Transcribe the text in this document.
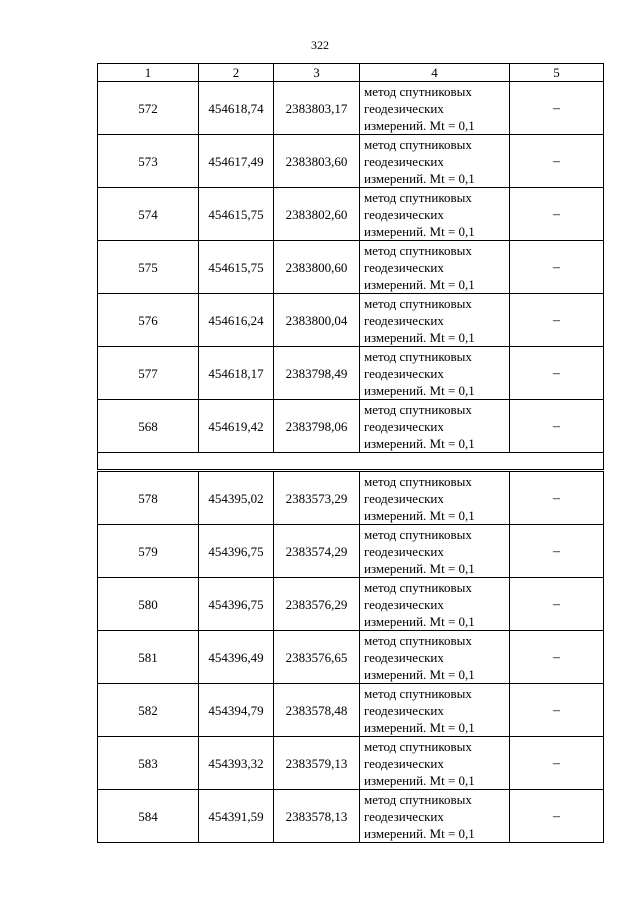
322
1	2	3	4	5
572	454618,74	2383803,17	метод спутниковых
геодезических
измерений. Mt = 0,1	–
573	454617,49	2383803,60	метод спутниковых
геодезических
измерений. Mt = 0,1	–
574	454615,75	2383802,60	метод спутниковых
геодезических
измерений. Mt = 0,1	–
575	454615,75	2383800,60	метод спутниковых
геодезических
измерений. Mt = 0,1	–
576	454616,24	2383800,04	метод спутниковых
геодезических
измерений. Mt = 0,1	–
577	454618,17	2383798,49	метод спутниковых
геодезических
измерений. Mt = 0,1	–
568	454619,42	2383798,06	метод спутниковых
геодезических
измерений. Mt = 0,1	–

578	454395,02	2383573,29	метод спутниковых
геодезических
измерений. Mt = 0,1	–
579	454396,75	2383574,29	метод спутниковых
геодезических
измерений. Mt = 0,1	–
580	454396,75	2383576,29	метод спутниковых
геодезических
измерений. Mt = 0,1	–
581	454396,49	2383576,65	метод спутниковых
геодезических
измерений. Mt = 0,1	–
582	454394,79	2383578,48	метод спутниковых
геодезических
измерений. Mt = 0,1	–
583	454393,32	2383579,13	метод спутниковых
геодезических
измерений. Mt = 0,1	–
584	454391,59	2383578,13	метод спутниковых
геодезических
измерений. Mt = 0,1	–
